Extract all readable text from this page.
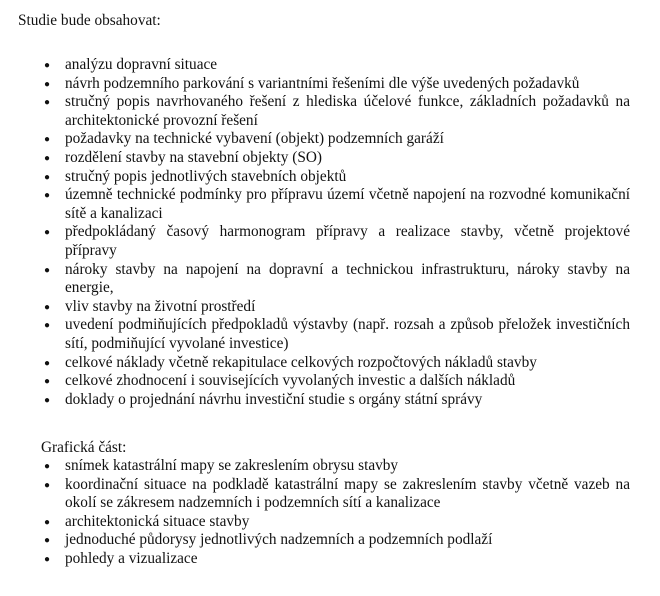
Studie bude obsahovat:

● analýzu dopravní situace
● návrh podzemního parkování s variantními řešeními dle výše uvedených požadavků
● stručný popis navrhovaného řešení z hlediska účelové funkce, základních požadavků na architektonické provozní řešení
● požadavky na technické vybavení (objekt) podzemních garáží
● rozdělení stavby na stavební objekty (SO)
● stručný popis jednotlivých stavebních objektů
● územně technické podmínky pro přípravu území včetně napojení na rozvodné komunikační sítě a kanalizaci
● předpokládaný časový harmonogram přípravy a realizace stavby, včetně projektové přípravy
● nároky stavby na napojení na dopravní a technickou infrastrukturu, nároky stavby na energie,
● vliv stavby na životní prostředí
● uvedení podmiňujících předpokladů výstavby (např. rozsah a způsob přeložek investičních sítí, podmiňující vyvolané investice)
● celkové náklady včetně rekapitulace celkových rozpočtových nákladů stavby
● celkové zhodnocení i souvisejících vyvolaných investic a dalších nákladů
● doklady o projednání návrhu investiční studie s orgány státní správy

Grafická část:

● snímek katastrální mapy se zakreslením obrysu stavby
● koordinační situace na podkladě katastrální mapy se zakreslením stavby včetně vazeb na okolí se zákresem nadzemních i podzemních sítí a kanalizace
● architektonická situace stavby
● jednoduché půdorysy jednotlivých nadzemních a podzemních podlaží
● pohledy a vizualizace
